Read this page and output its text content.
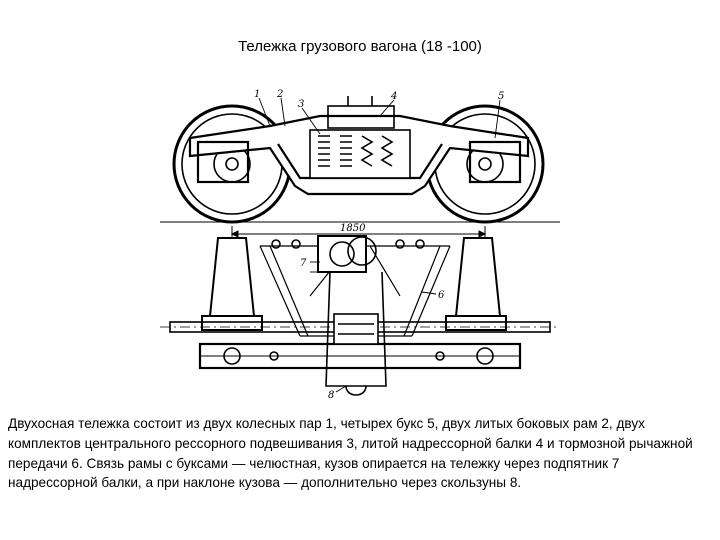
Тележка грузового вагона (18 -100)
1 2
3
4	5
6
7
8
1850
Двухосная тележка состоит из двух колесных пар 1, четырех букс 5, двух литых боковых рам 2, двух комплектов центрального рессорного подвешивания 3, литой надрессорной балки 4 и тормозной рычажной передачи 6. Связь рамы с буксами — челюстная, кузов опирается на тележку через подпятник 7 надрессорной балки, а при наклоне кузова — дополнительно через скользуны 8.
